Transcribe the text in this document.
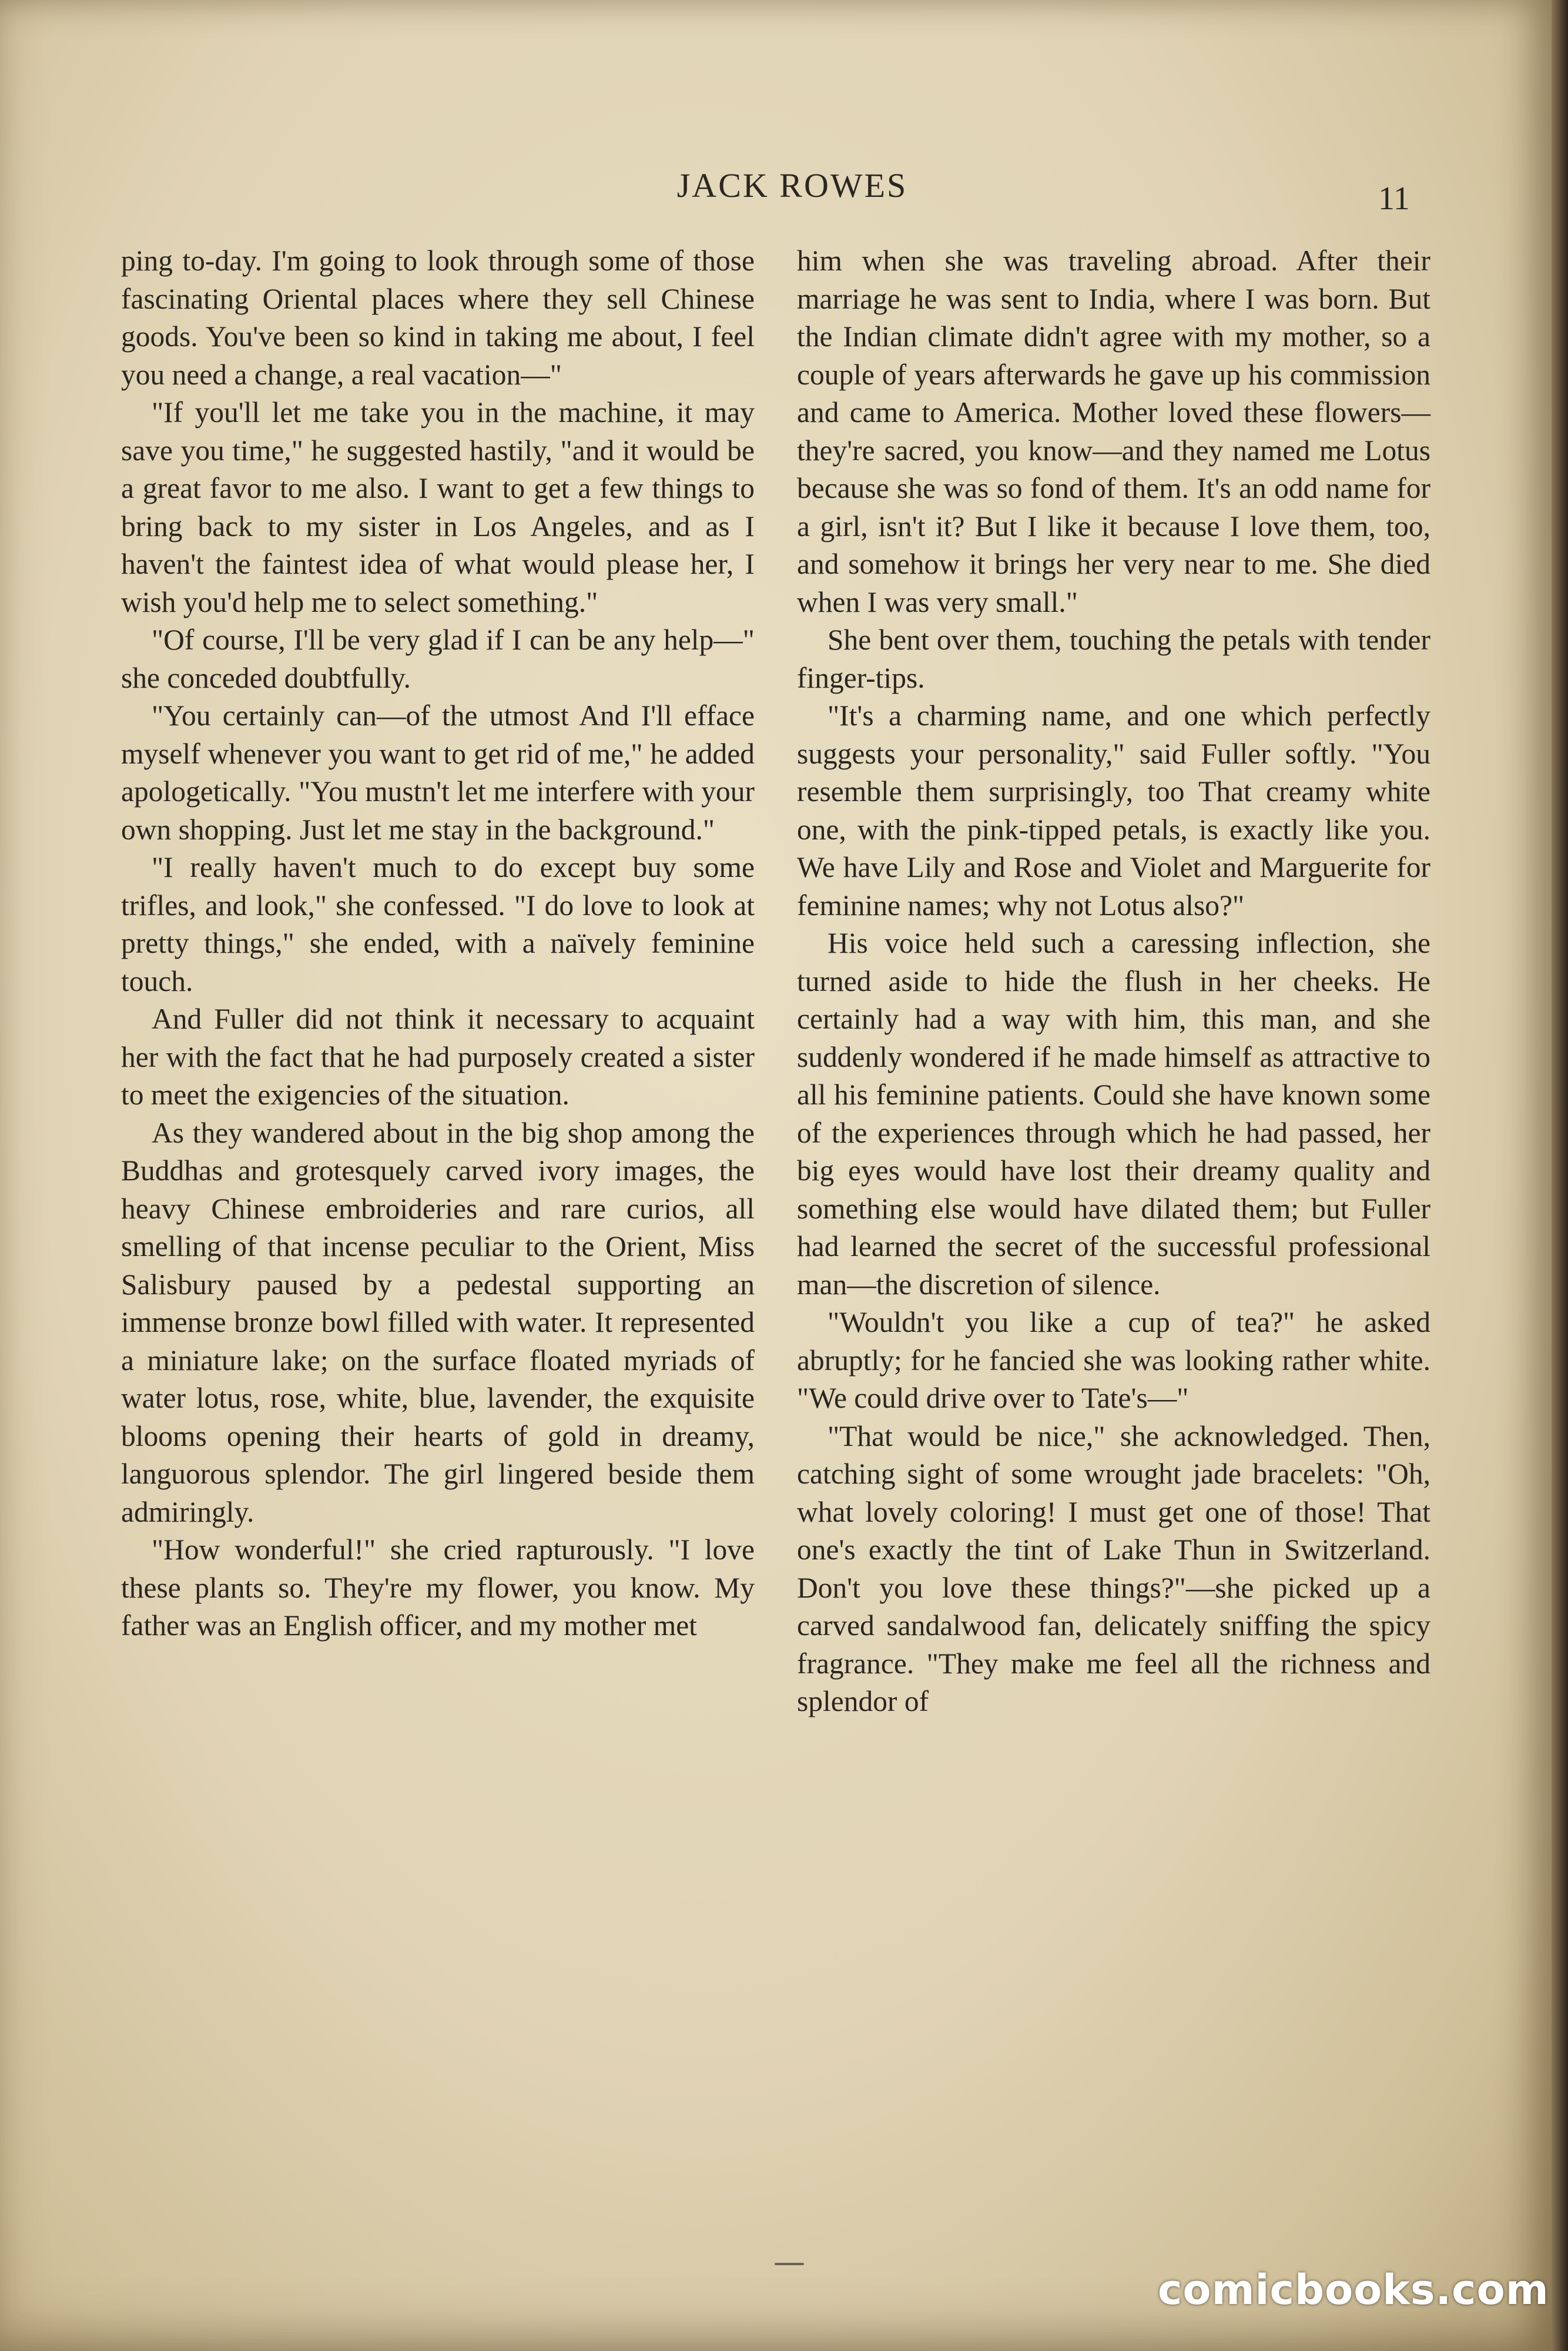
JACK ROWES	11

ping to-day. I'm going to look through some of those fascinating Oriental places where they sell Chinese goods. You've been so kind in taking me about, I feel you need a change, a real vacation—"

"If you'll let me take you in the machine, it may save you time," he suggested hastily, "and it would be a great favor to me also. I want to get a few things to bring back to my sister in Los Angeles, and as I haven't the faintest idea of what would please her, I wish you'd help me to select something."

"Of course, I'll be very glad if I can be any help—" she conceded doubtfully.

"You certainly can—of the utmost And I'll efface myself whenever you want to get rid of me," he added apologetically. "You mustn't let me interfere with your own shopping. Just let me stay in the background."

"I really haven't much to do except buy some trifles, and look," she confessed. "I do love to look at pretty things," she ended, with a naïvely feminine touch.

And Fuller did not think it necessary to acquaint her with the fact that he had purposely created a sister to meet the exigencies of the situation.

As they wandered about in the big shop among the Buddhas and grotesquely carved ivory images, the heavy Chinese embroideries and rare curios, all smelling of that incense peculiar to the Orient, Miss Salisbury paused by a pedestal supporting an immense bronze bowl filled with water. It represented a miniature lake; on the surface floated myriads of water lotus, rose, white, blue, lavender, the exquisite blooms opening their hearts of gold in dreamy, languorous splendor. The girl lingered beside them admiringly.

"How wonderful!" she cried rapturously. "I love these plants so. They're my flower, you know. My father was an English officer, and my mother met

him when she was traveling abroad. After their marriage he was sent to India, where I was born. But the Indian climate didn't agree with my mother, so a couple of years afterwards he gave up his commission and came to America. Mother loved these flowers—they're sacred, you know—and they named me Lotus because she was so fond of them. It's an odd name for a girl, isn't it? But I like it because I love them, too, and somehow it brings her very near to me. She died when I was very small."

She bent over them, touching the petals with tender finger-tips.

"It's a charming name, and one which perfectly suggests your personality," said Fuller softly. "You resemble them surprisingly, too That creamy white one, with the pink-tipped petals, is exactly like you. We have Lily and Rose and Violet and Marguerite for feminine names; why not Lotus also?"

His voice held such a caressing inflection, she turned aside to hide the flush in her cheeks. He certainly had a way with him, this man, and she suddenly wondered if he made himself as attractive to all his feminine patients. Could she have known some of the experiences through which he had passed, her big eyes would have lost their dreamy quality and something else would have dilated them; but Fuller had learned the secret of the successful professional man—the discretion of silence.

"Wouldn't you like a cup of tea?" he asked abruptly; for he fancied she was looking rather white. "We could drive over to Tate's—"

"That would be nice," she acknowledged. Then, catching sight of some wrought jade bracelets: "Oh, what lovely coloring! I must get one of those! That one's exactly the tint of Lake Thun in Switzerland. Don't you love these things?"—she picked up a carved sandalwood fan, delicately sniffing the spicy fragrance. "They make me feel all the richness and splendor of

comicbooks.com
